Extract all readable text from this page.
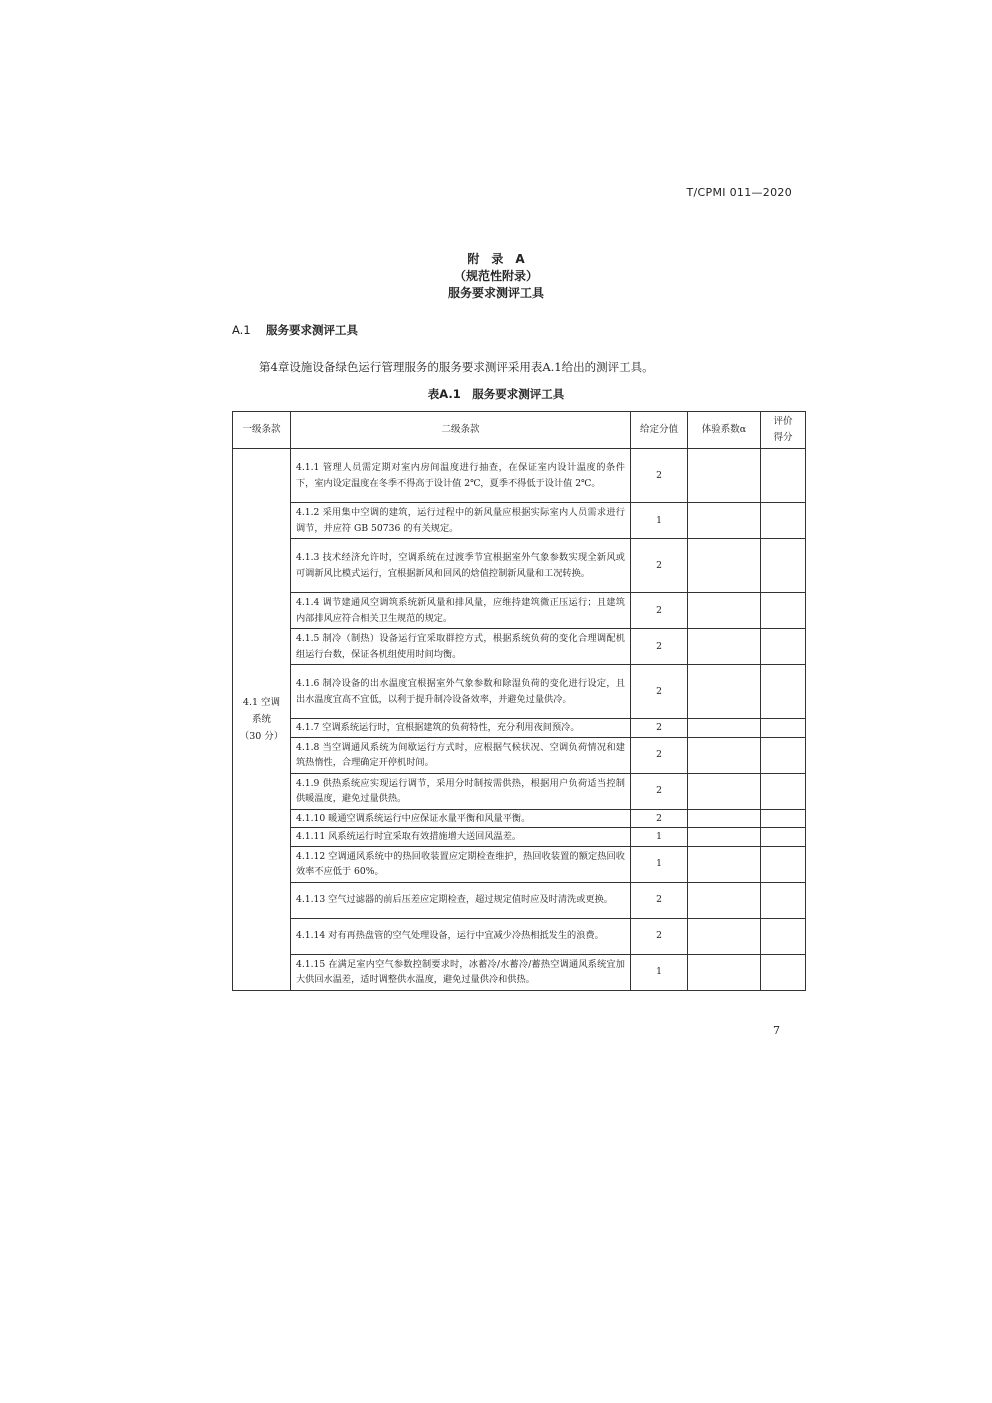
T/CPMI 011—2020
附　录　A
（规范性附录）
服务要求测评工具
A.1 服务要求测评工具
第4章设施设备绿色运行管理服务的服务要求测评采用表A.1给出的测评工具。
表A.1　服务要求测评工具
一级条款	二级条款	给定分值	体验系数α	评价
得分

4.1 空调
系统
（30 分）	4.1.1 管理人员需定期对室内房间温度进行抽查，在保证室内设计温度的条件下，室内设定温度在冬季不得高于设计值 2℃，夏季不得低于设计值 2℃。	2		
	4.1.2 采用集中空调的建筑，运行过程中的新风量应根据实际室内人员需求进行调节，并应符 GB 50736 的有关规定。	1		
	4.1.3 技术经济允许时，空调系统在过渡季节宜根据室外气象参数实现全新风或可调新风比模式运行，宜根据新风和回风的焓值控制新风量和工况转换。	2		
	4.1.4 调节建通风空调筑系统新风量和排风量，应维持建筑微正压运行；且建筑内部排风应符合相关卫生规范的规定。	2		
	4.1.5 制冷（制热）设备运行宜采取群控方式，根据系统负荷的变化合理调配机组运行台数，保证各机组使用时间均衡。	2		
	4.1.6 制冷设备的出水温度宜根据室外气象参数和除湿负荷的变化进行设定，且出水温度宜高不宜低，以利于提升制冷设备效率，并避免过量供冷。	2		
	4.1.7 空调系统运行时，宜根据建筑的负荷特性，充分利用夜间预冷。	2		
	4.1.8 当空调通风系统为间歇运行方式时，应根据气候状况、空调负荷情况和建筑热惰性，合理确定开停机时间。	2		
	4.1.9 供热系统应实现运行调节，采用分时制按需供热，根据用户负荷适当控制供暖温度，避免过量供热。	2		
	4.1.10 暖通空调系统运行中应保证水量平衡和风量平衡。	2		
	4.1.11 风系统运行时宜采取有效措施增大送回风温差。	1		
	4.1.12 空调通风系统中的热回收装置应定期检查维护，热回收装置的额定热回收效率不应低于 60%。	1		
	4.1.13 空气过滤器的前后压差应定期检查，超过规定值时应及时清洗或更换。	2		
	4.1.14 对有再热盘管的空气处理设备，运行中宜减少冷热相抵发生的浪费。	2		
	4.1.15 在满足室内空气参数控制要求时，冰蓄冷/水蓄冷/蓄热空调通风系统宜加大供回水温差，适时调整供水温度，避免过量供冷和供热。	1		
7
